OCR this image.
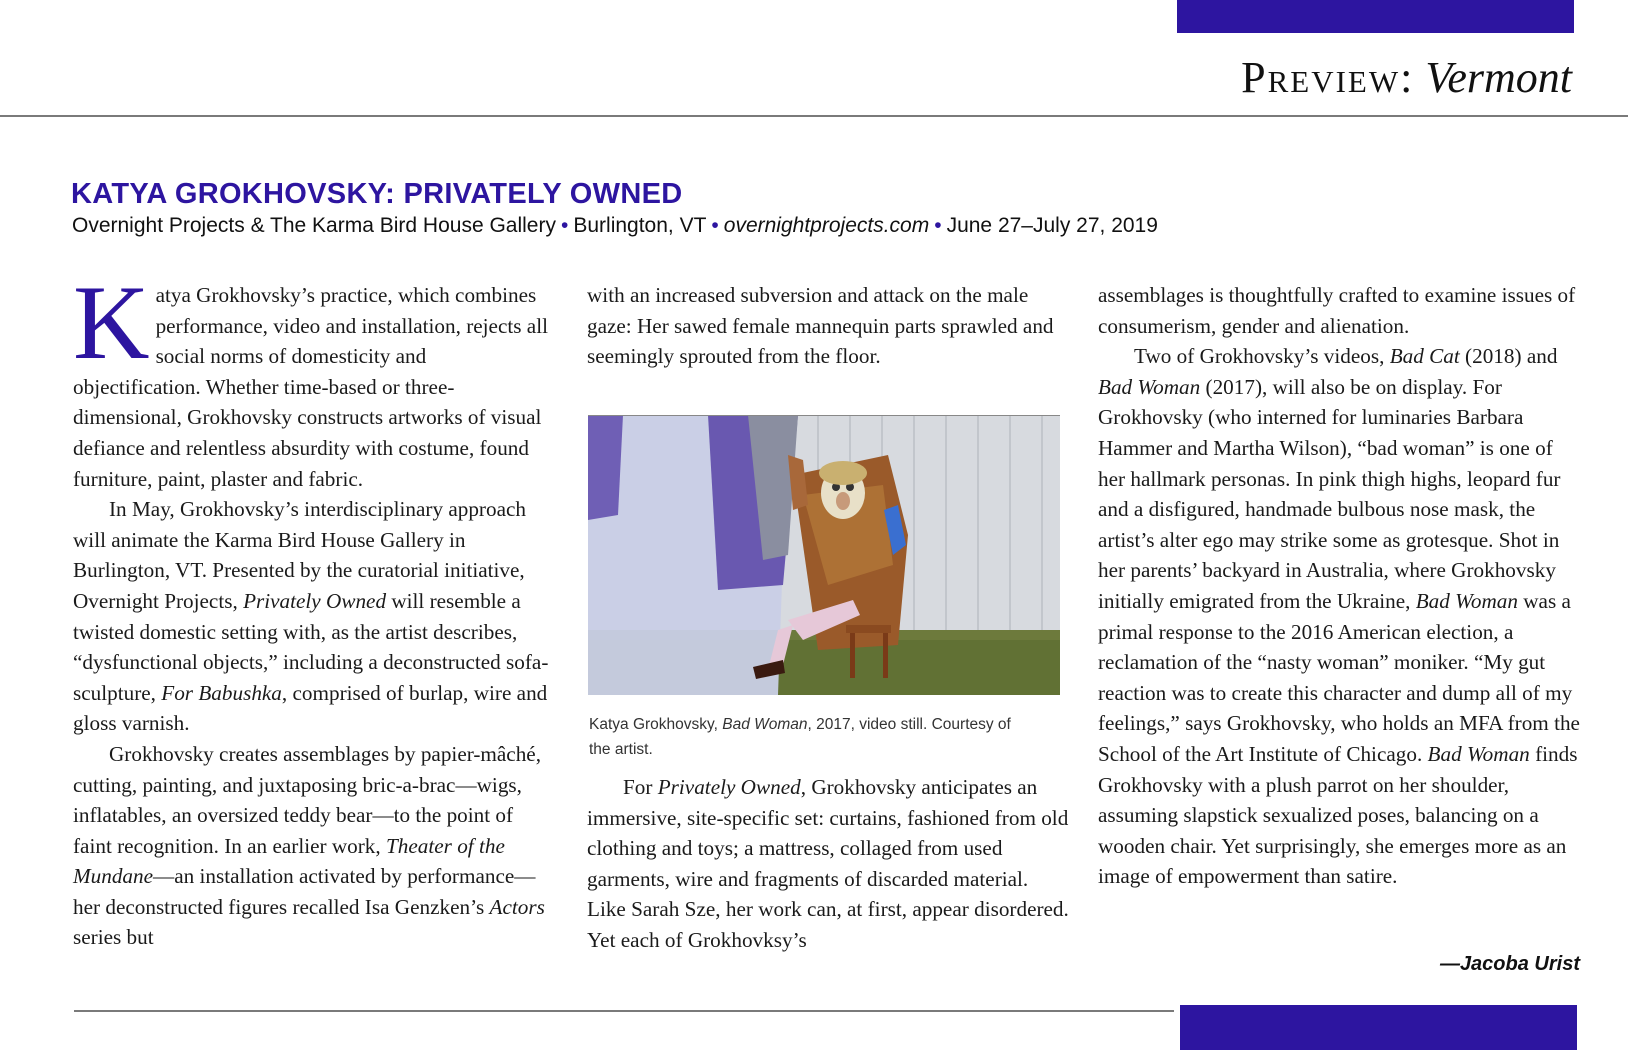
Preview: Vermont
KATYA GROKHOVSKY: PRIVATELY OWNED
Overnight Projects & The Karma Bird House Gallery • Burlington, VT • overnightprojects.com • June 27–July 27, 2019

Katya Grokhovsky’s practice, which combines performance, video and installation, rejects all social norms of domesticity and objectification. Whether time-based or three-dimensional, Grokhovsky constructs artworks of visual defiance and relentless absurdity with costume, found furniture, paint, plaster and fabric.

In May, Grokhovsky’s interdisciplinary approach will animate the Karma Bird House Gallery in Burlington, VT. Presented by the curatorial initiative, Overnight Projects, Privately Owned will resemble a twisted domestic setting with, as the artist describes, “dysfunctional objects,” including a deconstructed sofa-sculpture, For Babushka, comprised of burlap, wire and gloss varnish.

Grokhovsky creates assemblages by papier-mâché, cutting, painting, and juxtaposing bric-a-brac—wigs, inflatables, an oversized teddy bear—to the point of faint recognition. In an earlier work, Theater of the Mundane—an installation activated by performance—her deconstructed figures recalled Isa Genzken’s Actors series but

with an increased subversion and attack on the male gaze: Her sawed female mannequin parts sprawled and seemingly sprouted from the floor.

Katya Grokhovsky, Bad Woman, 2017, video still. Courtesy of the artist.

For Privately Owned, Grokhovsky anticipates an immersive, site-specific set: curtains, fashioned from old clothing and toys; a mattress, collaged from used garments, wire and fragments of discarded material. Like Sarah Sze, her work can, at first, appear disordered. Yet each of Grokhovksy’s

assemblages is thoughtfully crafted to examine issues of consumerism, gender and alienation.

Two of Grokhovsky’s videos, Bad Cat (2018) and Bad Woman (2017), will also be on display. For Grokhovsky (who interned for luminaries Barbara Hammer and Martha Wilson), “bad woman” is one of her hallmark personas. In pink thigh highs, leopard fur and a disfigured, handmade bulbous nose mask, the artist’s alter ego may strike some as grotesque. Shot in her parents’ backyard in Australia, where Grokhovsky initially emigrated from the Ukraine, Bad Woman was a primal response to the 2016 American election, a reclamation of the “nasty woman” moniker. “My gut reaction was to create this character and dump all of my feelings,” says Grokhovsky, who holds an MFA from the School of the Art Institute of Chicago. Bad Woman finds Grokhovsky with a plush parrot on her shoulder, assuming slapstick sexualized poses, balancing on a wooden chair. Yet surprisingly, she emerges more as an image of empowerment than satire.

—Jacoba Urist
